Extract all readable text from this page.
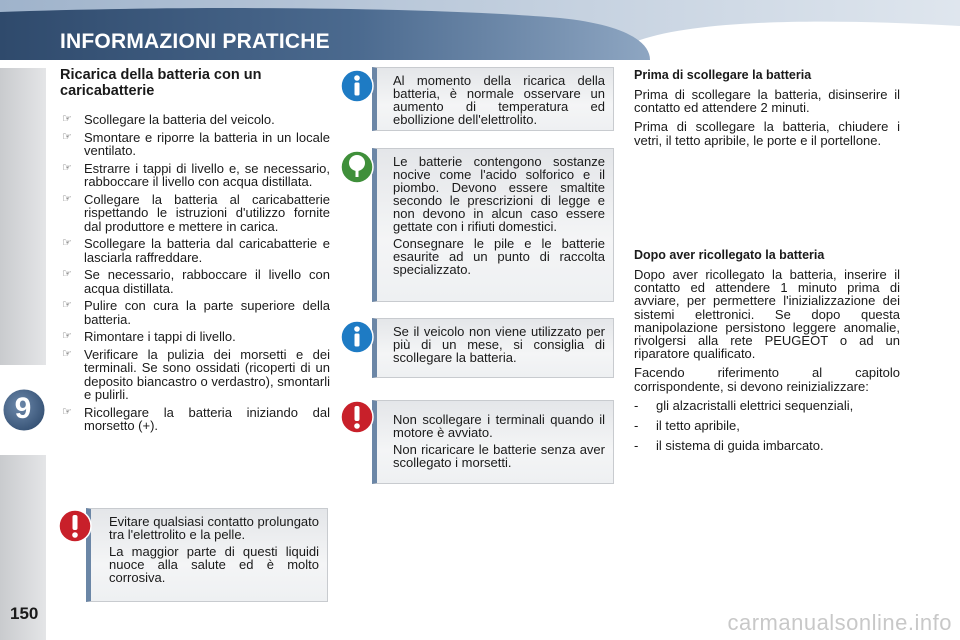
INFORMAZIONI PRATICHE
9
150
Ricarica della batteria con un caricabatterie
☞ Scollegare la batteria del veicolo.
☞ Smontare e riporre la batteria in un locale ventilato.
☞ Estrarre i tappi di livello e, se necessario, rabboccare il livello con acqua distillata.
☞ Collegare la batteria al caricabatterie rispettando le istruzioni d'utilizzo fornite dal produttore e mettere in carica.
☞ Scollegare la batteria dal caricabatterie e lasciarla raffreddare.
☞ Se necessario, rabboccare il livello con acqua distillata.
☞ Pulire con cura la parte superiore della batteria.
☞ Rimontare i tappi di livello.
☞ Verificare la pulizia dei morsetti e dei terminali. Se sono ossidati (ricoperti di un deposito biancastro o verdastro), smontarli e pulirli.
☞ Ricollegare la batteria iniziando dal morsetto (+).

Evitare qualsiasi contatto prolungato tra l'elettrolito e la pelle.

La maggior parte di questi liquidi nuoce alla salute ed è molto corrosiva.

Al momento della ricarica della batteria, è normale osservare un aumento di temperatura ed ebollizione dell'elettrolito.

Le batterie contengono sostanze nocive come l'acido solforico e il piombo. Devono essere smaltite secondo le prescrizioni di legge e non devono in alcun caso essere gettate con i rifiuti domestici.

Consegnare le pile e le batterie esaurite ad un punto di raccolta specializzato.

Se il veicolo non viene utilizzato per più di un mese, si consiglia di scollegare la batteria.

Non scollegare i terminali quando il motore è avviato.

Non ricaricare le batterie senza aver scollegato i morsetti.

Prima di scollegare la batteria

Prima di scollegare la batteria, disinserire il contatto ed attendere 2 minuti.

Prima di scollegare la batteria, chiudere i vetri, il tetto apribile, le porte e il portellone.

Dopo aver ricollegato la batteria

Dopo aver ricollegato la batteria, inserire il contatto ed attendere 1 minuto prima di avviare, per permettere l'inizializzazione dei sistemi elettronici. Se dopo questa manipolazione persistono leggere anomalie, rivolgersi alla rete PEUGEOT o ad un riparatore qualificato.

Facendo riferimento al capitolo corrispondente, si devono reinizializzare:

- gli alzacristalli elettrici sequenziali,
- il tetto apribile,
- il sistema di guida imbarcato.
carmanualsonline.info
